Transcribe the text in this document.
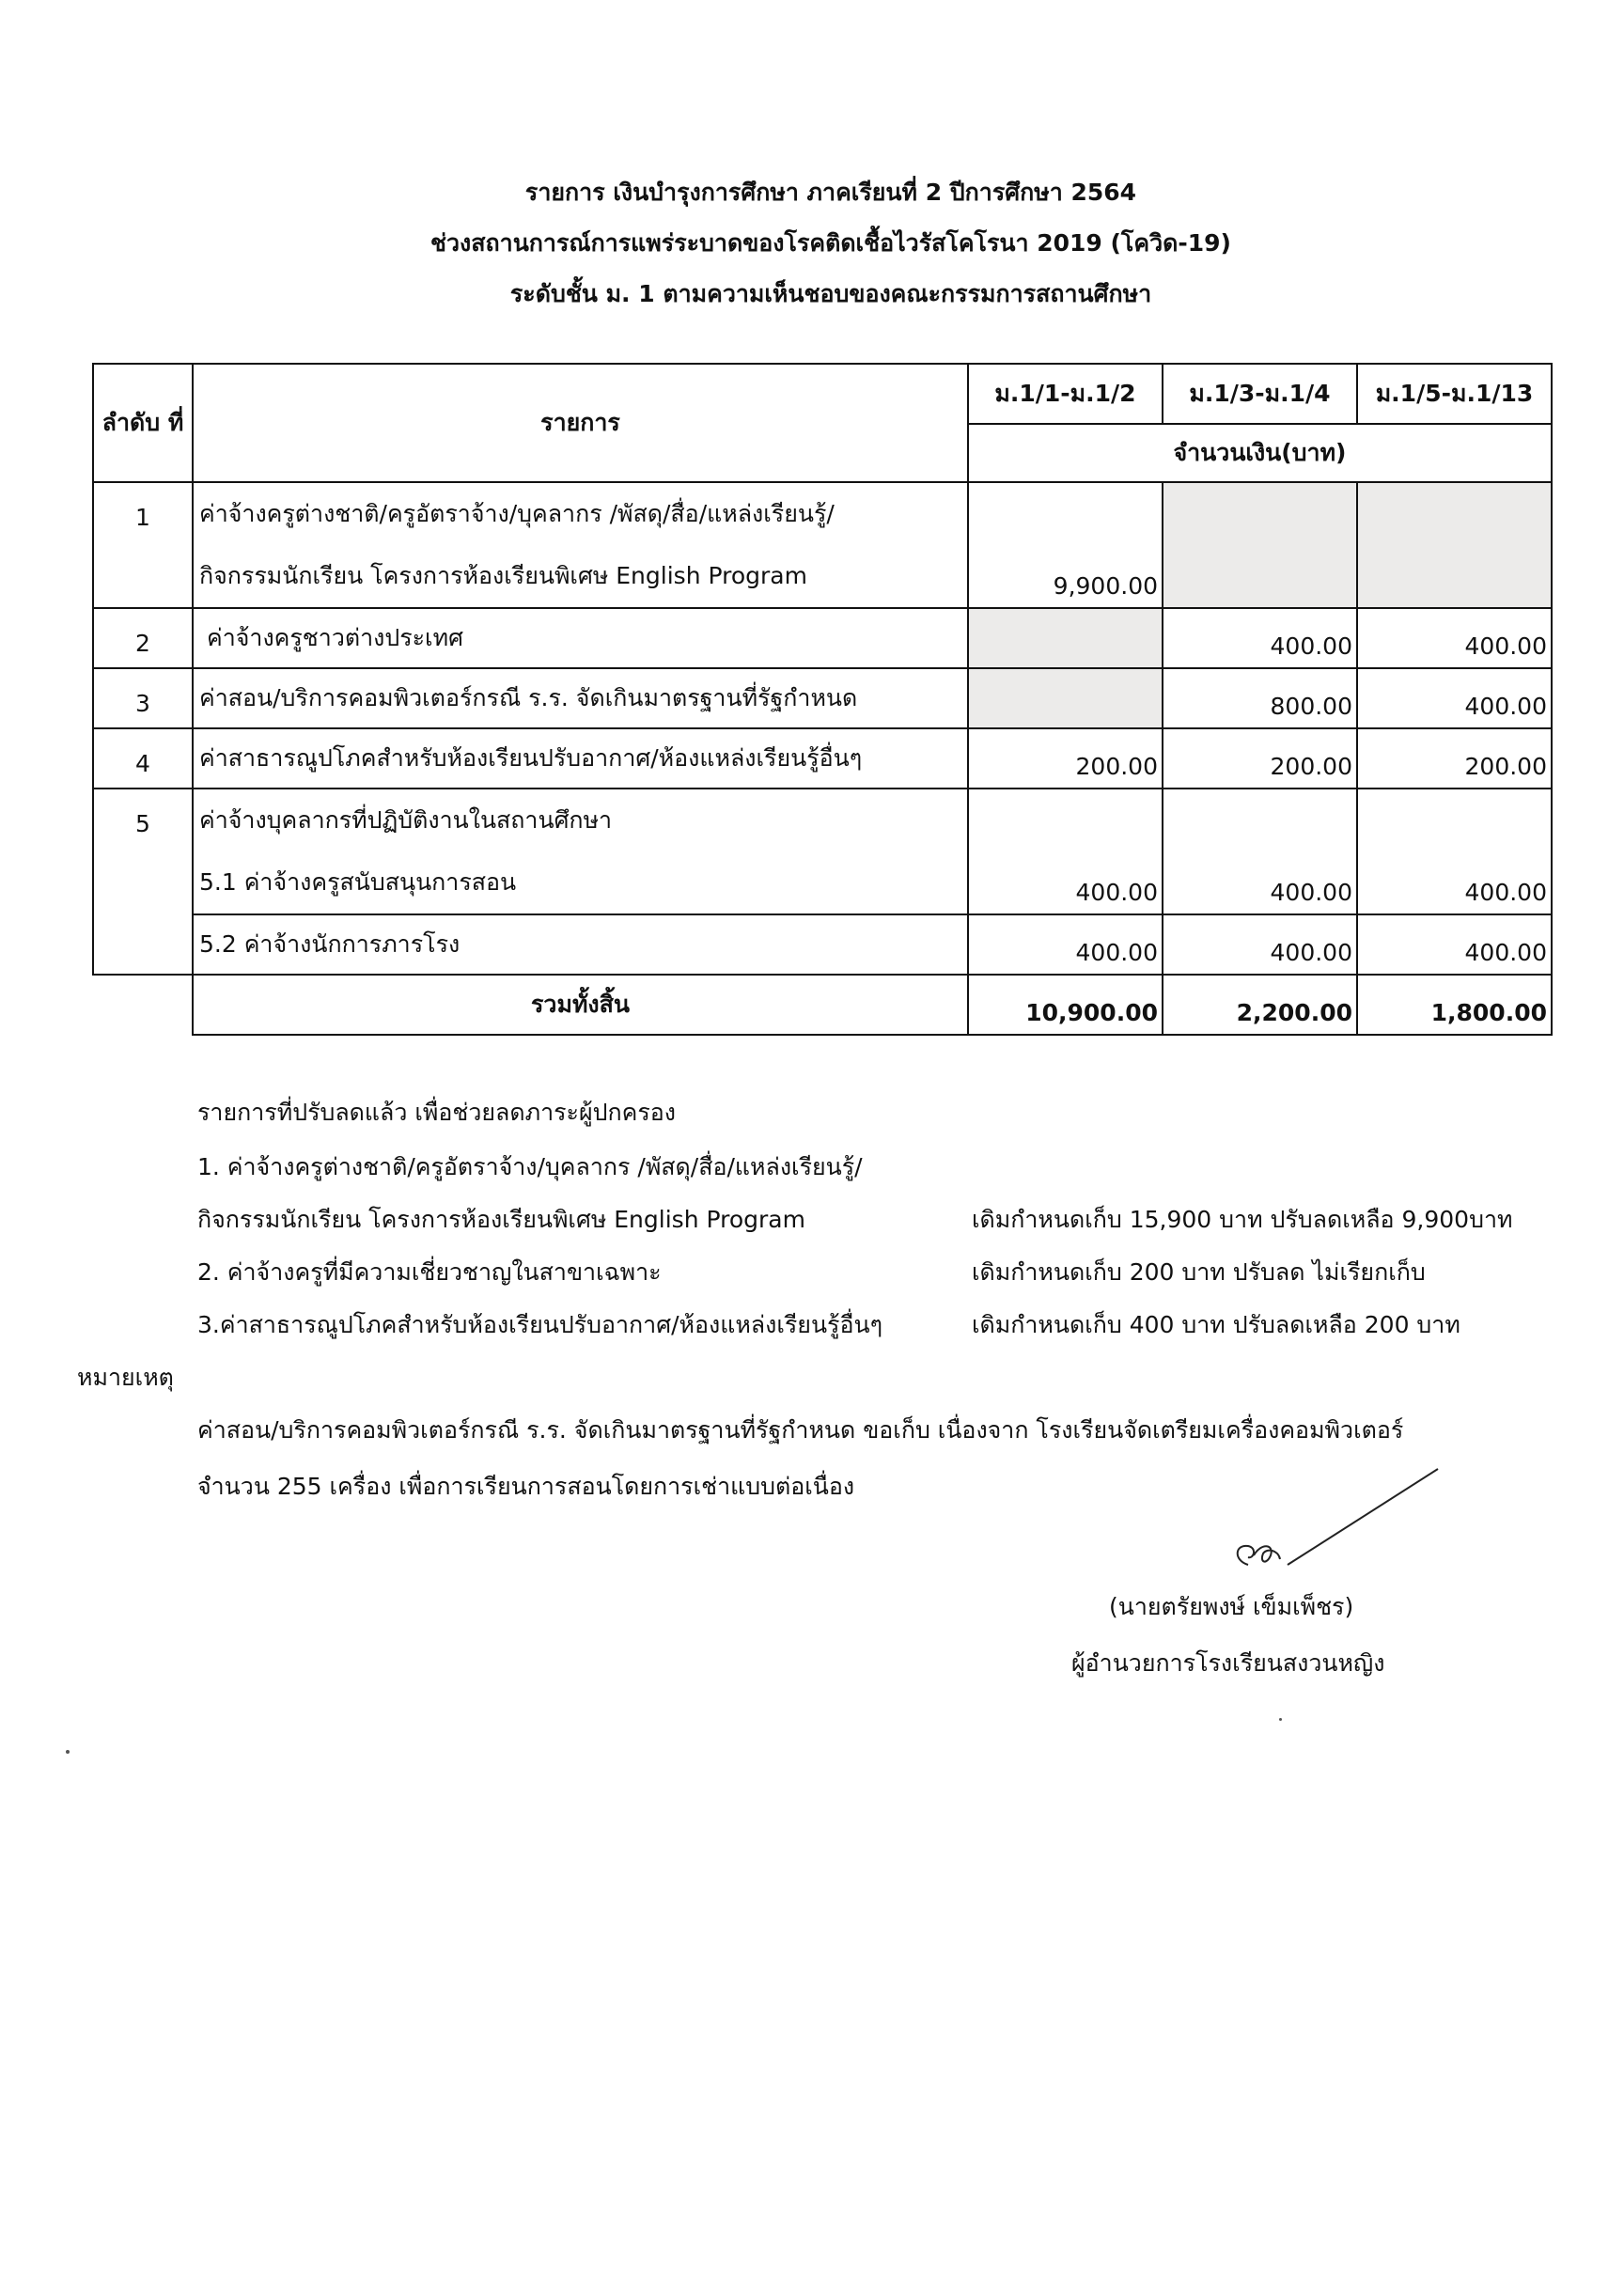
รายการ เงินบำรุงการศึกษา ภาคเรียนที่ 2 ปีการศึกษา 2564
ช่วงสถานการณ์การแพร่ระบาดของโรคติดเชื้อไวรัสโคโรนา 2019 (โควิด-19)
ระดับชั้น ม. 1 ตามความเห็นชอบของคณะกรรมการสถานศึกษา
ลำดับ ที่	รายการ	ม.1/1-ม.1/2	ม.1/3-ม.1/4	ม.1/5-ม.1/13
		จำนวนเงิน(บาท)		
1	ค่าจ้างครูต่างชาติ/ครูอัตราจ้าง/บุคลากร /พัสดุ/สื่อ/แหล่งเรียนรู้/
กิจกรรมนักเรียน โครงการห้องเรียนพิเศษ English Program	9,900.00		
2	ค่าจ้างครูชาวต่างประเทศ		400.00	400.00
3	ค่าสอน/บริการคอมพิวเตอร์กรณี ร.ร. จัดเกินมาตรฐานที่รัฐกำหนด		800.00	400.00
4	ค่าสาธารณูปโภคสำหรับห้องเรียนปรับอากาศ/ห้องแหล่งเรียนรู้อื่นๆ	200.00	200.00	200.00
5	ค่าจ้างบุคลากรที่ปฏิบัติงานในสถานศึกษา
5.1 ค่าจ้างครูสนับสนุนการสอน	400.00	400.00	400.00
	5.2 ค่าจ้างนักการภารโรง	400.00	400.00	400.00
	รวมทั้งสิ้น	10,900.00	2,200.00	1,800.00
รายการที่ปรับลดแล้ว เพื่อช่วยลดภาระผู้ปกครอง
1. ค่าจ้างครูต่างชาติ/ครูอัตราจ้าง/บุคลากร /พัสดุ/สื่อ/แหล่งเรียนรู้/
กิจกรรมนักเรียน โครงการห้องเรียนพิเศษ English Program	เดิมกำหนดเก็บ 15,900 บาท ปรับลดเหลือ 9,900บาท
2. ค่าจ้างครูที่มีความเชี่ยวชาญในสาขาเฉพาะ	เดิมกำหนดเก็บ 200 บาท ปรับลด ไม่เรียกเก็บ
3.ค่าสาธารณูปโภคสำหรับห้องเรียนปรับอากาศ/ห้องแหล่งเรียนรู้อื่นๆ	เดิมกำหนดเก็บ 400 บาท ปรับลดเหลือ 200 บาท
หมายเหตุ
ค่าสอน/บริการคอมพิวเตอร์กรณี ร.ร. จัดเกินมาตรฐานที่รัฐกำหนด ขอเก็บ เนื่องจาก โรงเรียนจัดเตรียมเครื่องคอมพิวเตอร์
จำนวน 255 เครื่อง เพื่อการเรียนการสอนโดยการเช่าแบบต่อเนื่อง
(นายตรัยพงษ์ เข็มเพ็ชร)
ผู้อำนวยการโรงเรียนสงวนหญิง
